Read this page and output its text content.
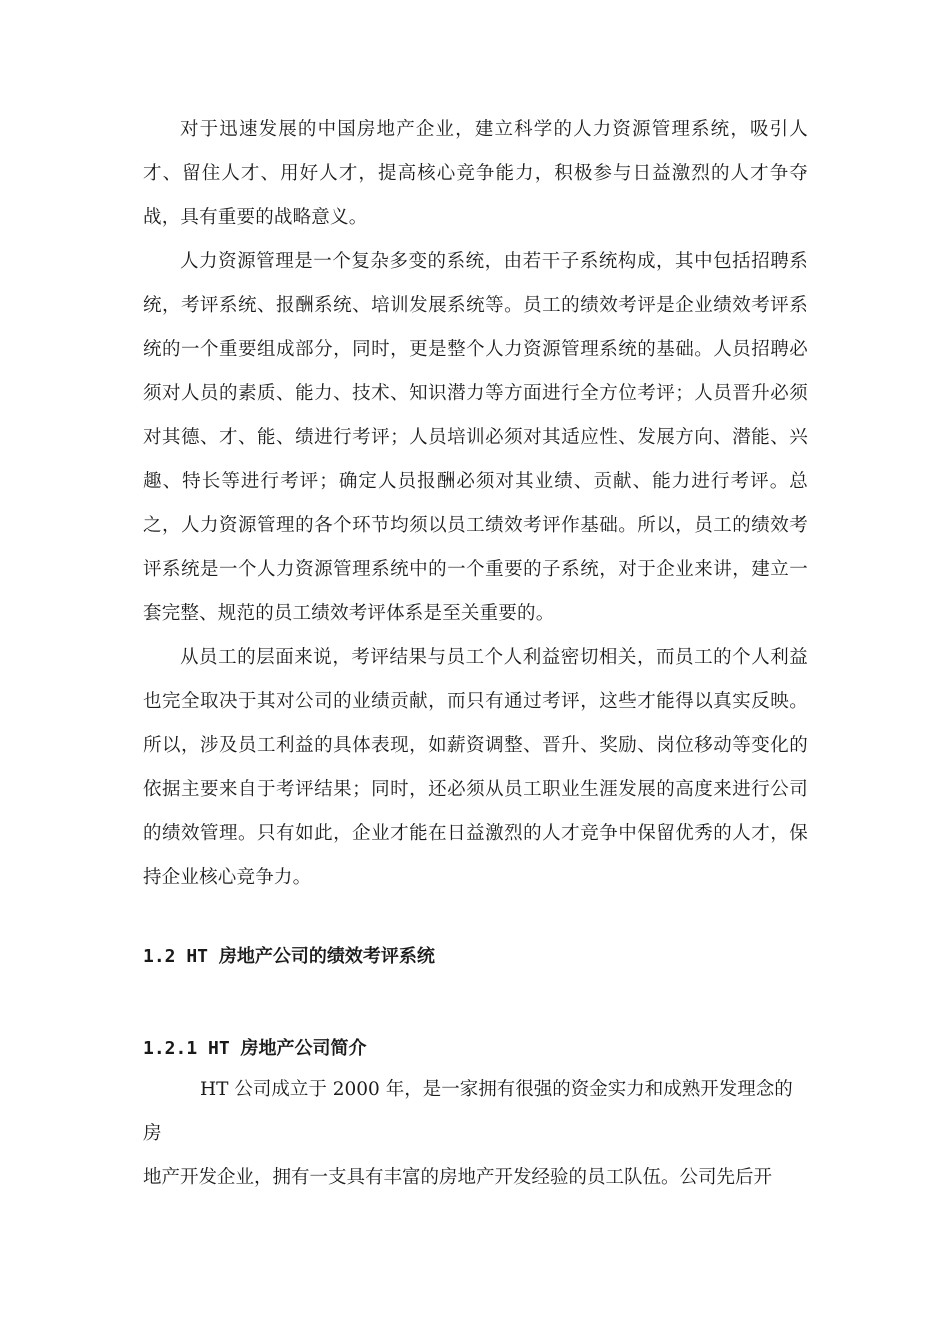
对于迅速发展的中国房地产企业，建立科学的人力资源管理系统，吸引人才、留住人才、用好人才，提高核心竞争能力，积极参与日益激烈的人才争夺战，具有重要的战略意义。

人力资源管理是一个复杂多变的系统，由若干子系统构成，其中包括招聘系统，考评系统、报酬系统、培训发展系统等。员工的绩效考评是企业绩效考评系统的一个重要组成部分，同时，更是整个人力资源管理系统的基础。人员招聘必须对人员的素质、能力、技术、知识潜力等方面进行全方位考评；人员晋升必须对其德、才、能、绩进行考评；人员培训必须对其适应性、发展方向、潜能、兴趣、特长等进行考评；确定人员报酬必须对其业绩、贡献、能力进行考评。总之，人力资源管理的各个环节均须以员工绩效考评作基础。所以，员工的绩效考评系统是一个人力资源管理系统中的一个重要的子系统，对于企业来讲，建立一套完整、规范的员工绩效考评体系是至关重要的。

从员工的层面来说，考评结果与员工个人利益密切相关，而员工的个人利益也完全取决于其对公司的业绩贡献，而只有通过考评，这些才能得以真实反映。所以，涉及员工利益的具体表现，如薪资调整、晋升、奖励、岗位移动等变化的依据主要来自于考评结果；同时，还必须从员工职业生涯发展的高度来进行公司的绩效管理。只有如此，企业才能在日益激烈的人才竞争中保留优秀的人才，保持企业核心竞争力。

1.2 HT 房地产公司的绩效考评系统
1.2.1 HT 房地产公司简介

HT 公司成立于 2000 年，是一家拥有很强的资金实力和成熟开发理念的

房

地产开发企业，拥有一支具有丰富的房地产开发经验的员工队伍。公司先后开
